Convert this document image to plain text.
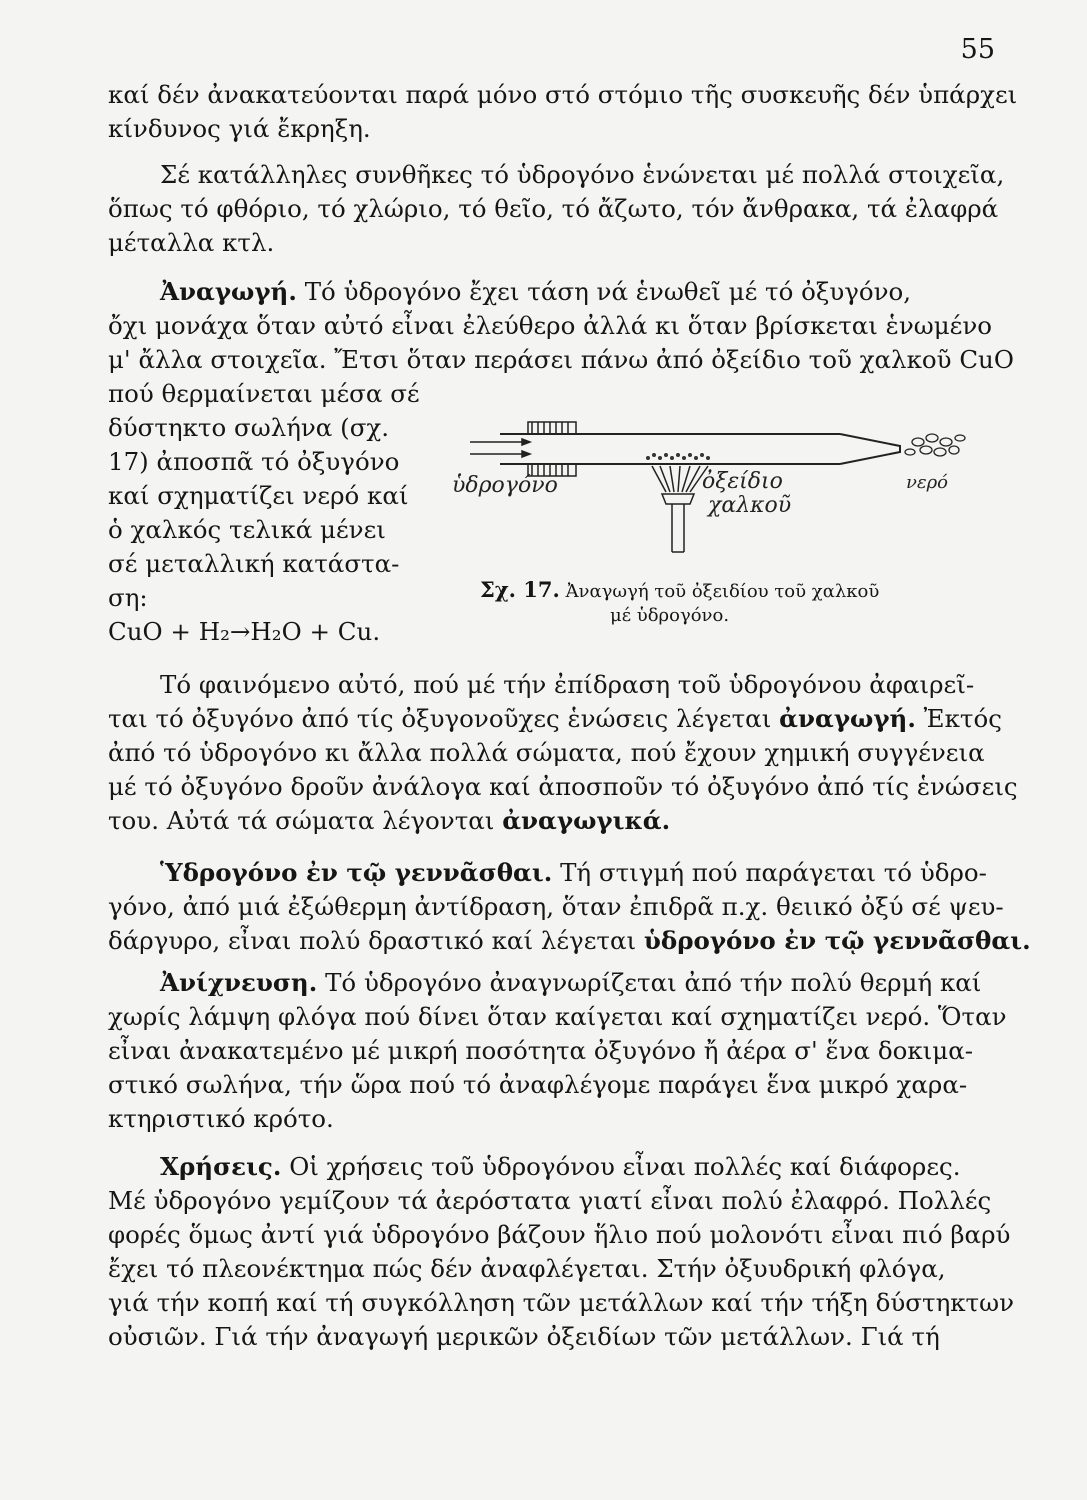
55
καί δέν ἀνακατεύονται παρά μόνο στό στόμιο τῆς συσκευῆς δέν ὑπάρχει
κίνδυνος γιά ἔκρηξη.
Σέ κατάλληλες συνθῆκες τό ὑδρογόνο ἑνώνεται μέ πολλά στοιχεῖα,
ὅπως τό φθόριο, τό χλώριο, τό θεῖο, τό ἄζωτο, τόν ἄνθρακα, τά ἐλαφρά
μέταλλα κτλ.
Ἀναγωγή. Τό ὑδρογόνο ἔχει τάση νά ἑνωθεῖ μέ τό ὀξυγόνο,
ὄχι μονάχα ὅταν αὐτό εἶναι ἐλεύθερο ἀλλά κι ὅταν βρίσκεται ἑνωμένο
μ' ἄλλα στοιχεῖα. Ἔτσι ὅταν περάσει πάνω ἀπό ὀξείδιο τοῦ χαλκοῦ CuO
πού θερμαίνεται μέσα σέ
δύστηκτο σωλήνα (σχ.
17) ἀποσπᾶ τό ὀξυγόνο
καί σχηματίζει νερό καί
ὁ χαλκός τελικά μένει
σέ μεταλλική κατάστα-
ση:
CuO + H₂→H₂O + Cu.
ὑδρογόνο	ὀξείδιο
χαλκοῦ
νερό
Σχ. 17. Ἀναγωγή τοῦ ὀξειδίου τοῦ χαλκοῦ
μέ ὑδρογόνο.
Τό φαινόμενο αὐτό, πού μέ τήν ἐπίδραση τοῦ ὑδρογόνου ἀφαιρεῖ-
ται τό ὀξυγόνο ἀπό τίς ὀξυγονοῦχες ἑνώσεις λέγεται ἀναγωγή. Ἐκτός
ἀπό τό ὑδρογόνο κι ἄλλα πολλά σώματα, πού ἔχουν χημική συγγένεια
μέ τό ὀξυγόνο δροῦν ἀνάλογα καί ἀποσποῦν τό ὀξυγόνο ἀπό τίς ἑνώσεις
του. Αὐτά τά σώματα λέγονται ἀναγωγικά.
Ὑδρογόνο ἐν τῷ γεννᾶσθαι. Τή στιγμή πού παράγεται τό ὑδρο-
γόνο, ἀπό μιά ἐξώθερμη ἀντίδραση, ὅταν ἐπιδρᾶ π.χ. θειικό ὀξύ σέ ψευ-
δάργυρο, εἶναι πολύ δραστικό καί λέγεται ὑδρογόνο ἐν τῷ γεννᾶσθαι.
Ἀνίχνευση. Τό ὑδρογόνο ἀναγνωρίζεται ἀπό τήν πολύ θερμή καί
χωρίς λάμψη φλόγα πού δίνει ὅταν καίγεται καί σχηματίζει νερό. Ὅταν
εἶναι ἀνακατεμένο μέ μικρή ποσότητα ὀξυγόνο ἤ ἀέρα σ' ἕνα δοκιμα-
στικό σωλήνα, τήν ὥρα πού τό ἀναφλέγομε παράγει ἕνα μικρό χαρα-
κτηριστικό κρότο.
Χρήσεις. Οἱ χρήσεις τοῦ ὑδρογόνου εἶναι πολλές καί διάφορες.
Μέ ὑδρογόνο γεμίζουν τά ἀερόστατα γιατί εἶναι πολύ ἐλαφρό. Πολλές
φορές ὅμως ἀντί γιά ὑδρογόνο βάζουν ἥλιο πού μολονότι εἶναι πιό βαρύ
ἔχει τό πλεονέκτημα πώς δέν ἀναφλέγεται. Στήν ὀξυυδρική φλόγα,
γιά τήν κοπή καί τή συγκόλληση τῶν μετάλλων καί τήν τήξη δύστηκτων
οὐσιῶν. Γιά τήν ἀναγωγή μερικῶν ὀξειδίων τῶν μετάλλων. Γιά τή
